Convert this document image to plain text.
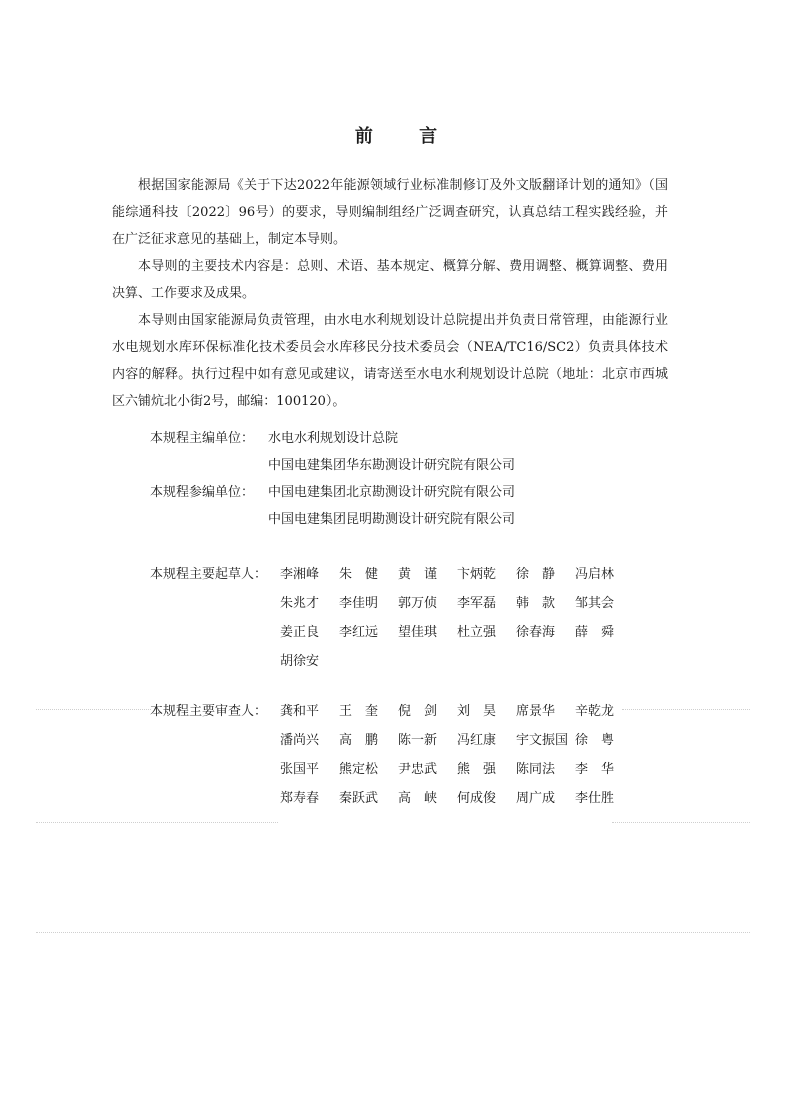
前 言

根据国家能源局《关于下达2022年能源领域行业标准制修订及外文版翻译计划的通知》（国能综通科技〔2022〕96号）的要求，导则编制组经广泛调查研究，认真总结工程实践经验，并在广泛征求意见的基础上，制定本导则。

本导则的主要技术内容是：总则、术语、基本规定、概算分解、费用调整、概算调整、费用决算、工作要求及成果。

本导则由国家能源局负责管理，由水电水利规划设计总院提出并负责日常管理，由能源行业水电规划水库环保标准化技术委员会水库移民分技术委员会（NEA/TC16/SC2）负责具体技术内容的解释。执行过程中如有意见或建议，请寄送至水电水利规划设计总院（地址：北京市西城区六铺炕北小街2号，邮编：100120）。

本规程主编单位：	水电水利规划设计总院
中国电建集团华东勘测设计研究院有限公司
本规程参编单位：	中国电建集团北京勘测设计研究院有限公司
中国电建集团昆明勘测设计研究院有限公司
本规程主要起草人： 李湘峰	朱　健	黄　谨	卞炳乾	徐　静	冯启林
朱兆才	李佳明	郭万侦	李军磊	韩　款	邹其会
姜正良	李红远	望佳琪	杜立强	徐春海	薛　舜
胡徐安
本规程主要审查人： 龚和平	王　奎	倪　剑	刘　昊	席景华	辛乾龙
潘尚兴	高　鹏	陈一新	冯红康	宇文振国 徐　粤
张国平	熊定松	尹忠武	熊　强	陈同法	李　华
郑寿春	秦跃武	高　峡	何成俊	周广成	李仕胜
